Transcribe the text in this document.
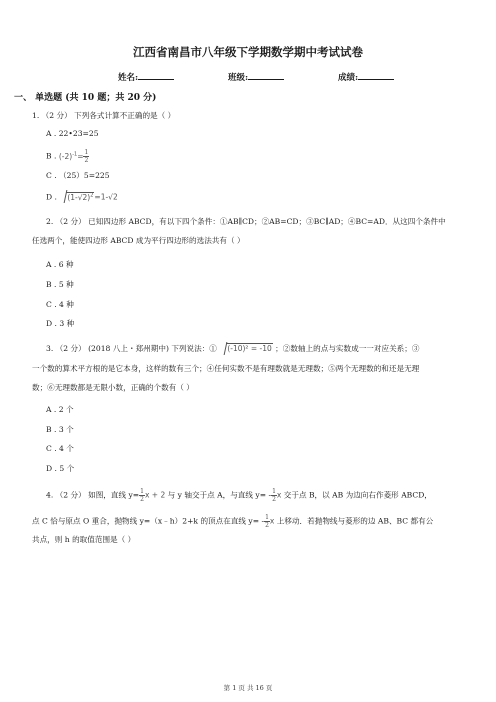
江西省南昌市八年级下学期数学期中考试试卷
姓名:	班级:	成绩:
一、 单选题 (共 10 题；共 20 分)
1. （2 分） 下列各式计算不正确的是（ ）
A . 22•23=25
B . $(-2)^{-1}= \frac{1}{2}$
C . （25）5=225
D . $(1-√2)^2=1-√2$
2. （2 分） 已知四边形 ABCD，有以下四个条件：①AB∥CD；②AB=CD；③BC∥AD；④BC=AD．从这四个条件中
任选两个，能使四边形 ABCD 成为平行四边形的选法共有（ ）
A . 6 种
B . 5 种
C . 4 种
D . 3 种
3. （2 分） (2018 八上・郑州期中) 下列说法：① (-10)² = -10 ；②数轴上的点与实数成一一对应关系；③
一个数的算术平方根的是它本身，这样的数有三个；④任何实数不是有理数就是无理数；⑤两个无理数的和还是无理
数；⑥无理数都是无限小数，正确的个数有（ ）
A . 2 个
B . 3 个
C . 4 个
D . 5 个
4. （2 分） 如图，直线 $y= \frac{1}{2}$ x + 2 与 y 轴交于点 A，与直线 $y= - \frac{1}{2}$ x 交于点 B，以 AB 为边向右作菱形 ABCD，
点 C 恰与原点 O 重合，抛物线 y=（x﹣h）2+k 的顶点在直线 $y= - \frac{1}{2}$ x 上移动．若抛物线与菱形的边 AB、BC 都有公
共点，则 h 的取值范围是（ ）
第 1 页 共 16 页
